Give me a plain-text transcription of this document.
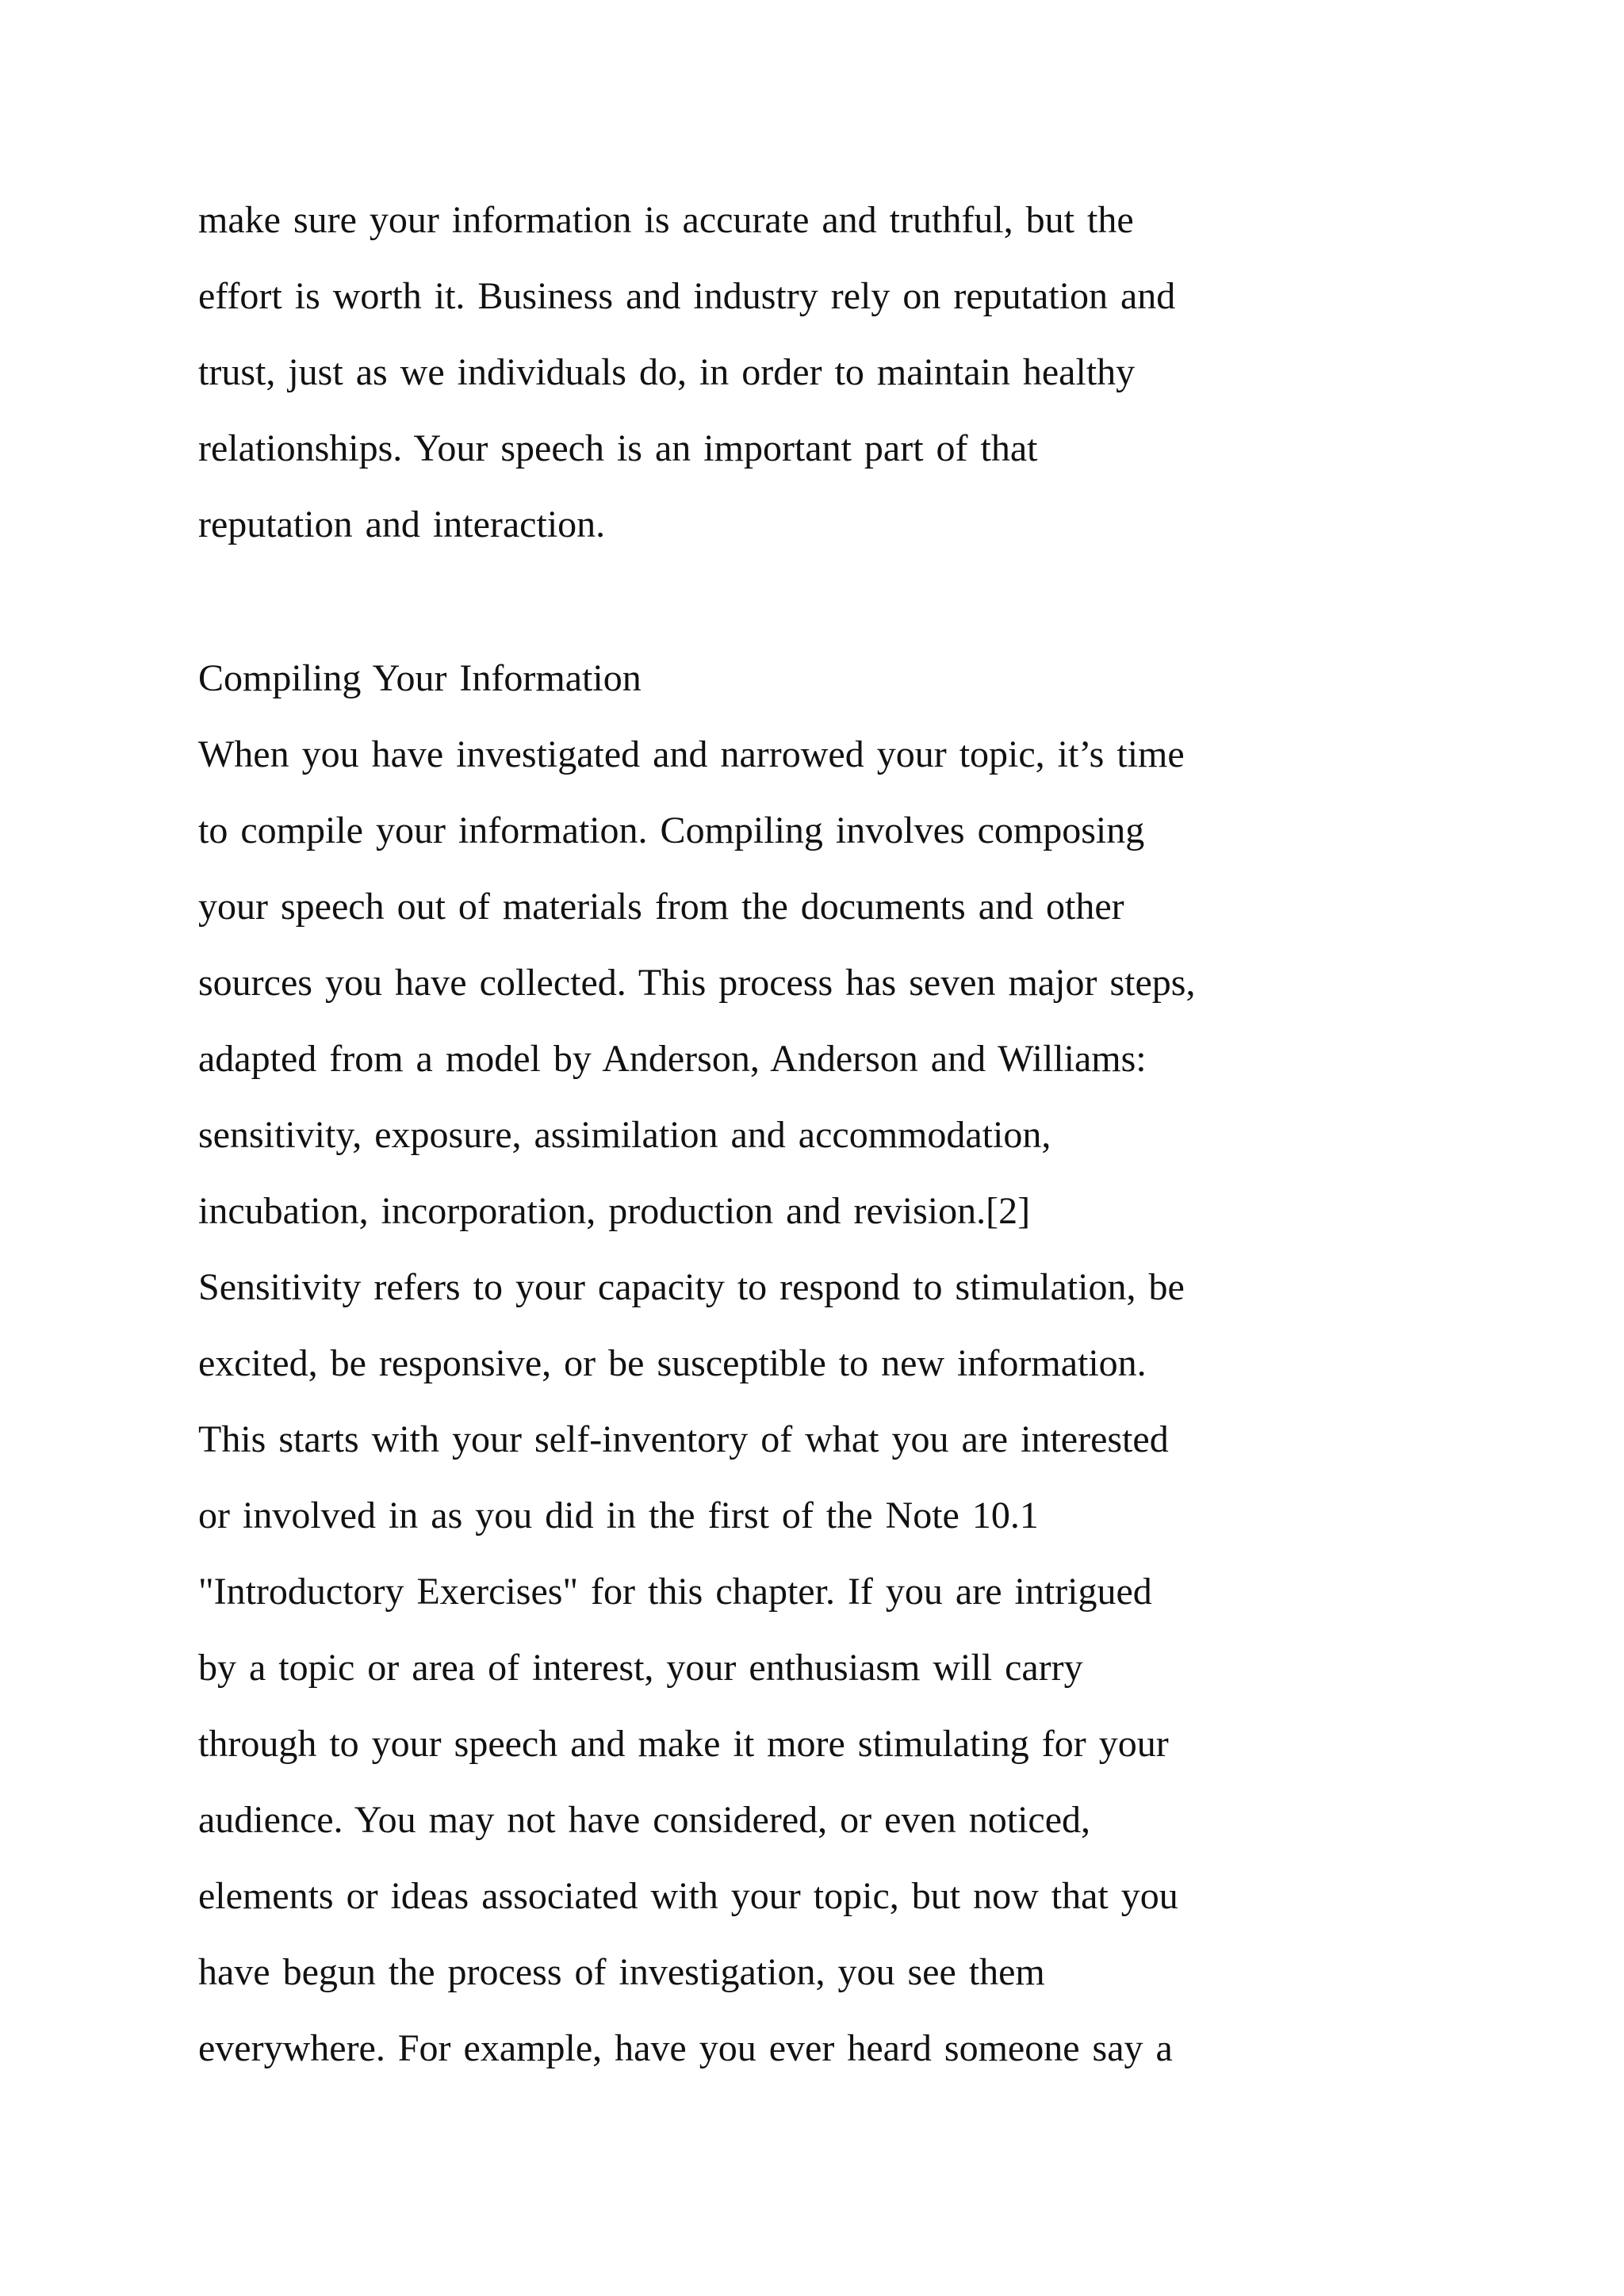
make sure your information is accurate and truthful, but the
effort is worth it. Business and industry rely on reputation and
trust, just as we individuals do, in order to maintain healthy
relationships. Your speech is an important part of that
reputation and interaction.
Compiling Your Information
When you have investigated and narrowed your topic, it’s time
to compile your information. Compiling involves composing
your speech out of materials from the documents and other
sources you have collected. This process has seven major steps,
adapted from a model by Anderson, Anderson and Williams:
sensitivity, exposure, assimilation and accommodation,
incubation, incorporation, production and revision.[2]
Sensitivity refers to your capacity to respond to stimulation, be
excited, be responsive, or be susceptible to new information.
This starts with your self-inventory of what you are interested
or involved in as you did in the first of the Note 10.1
"Introductory Exercises" for this chapter. If you are intrigued
by a topic or area of interest, your enthusiasm will carry
through to your speech and make it more stimulating for your
audience. You may not have considered, or even noticed,
elements or ideas associated with your topic, but now that you
have begun the process of investigation, you see them
everywhere. For example, have you ever heard someone say a
